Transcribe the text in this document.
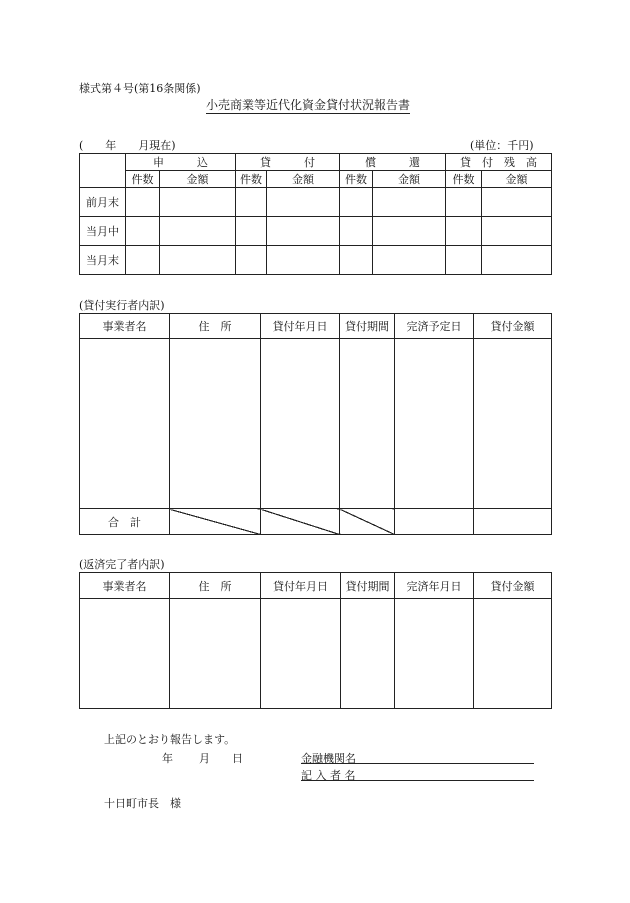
様式第４号(第16条関係)
小売商業等近代化資金貸付状況報告書
(　　年　　月現在)	(単位：千円)
	申　　　込		貸　　　付		償　　　還		貸　付　残　高	
	件数	金額	件数	金額	件数	金額	件数	金額
前月末								
当月中								
当月末								
(貸付実行者内訳)
事業者名	住　所	貸付年月日	貸付期間	完済予定日	貸付金額

合　計					
(返済完了者内訳)
事業者名	住　所	貸付年月日	貸付期間	完済年月日	貸付金額

上記のとおり報告します。
年 月 日	金融機関名
記 入 者 名
十日町市長　様
